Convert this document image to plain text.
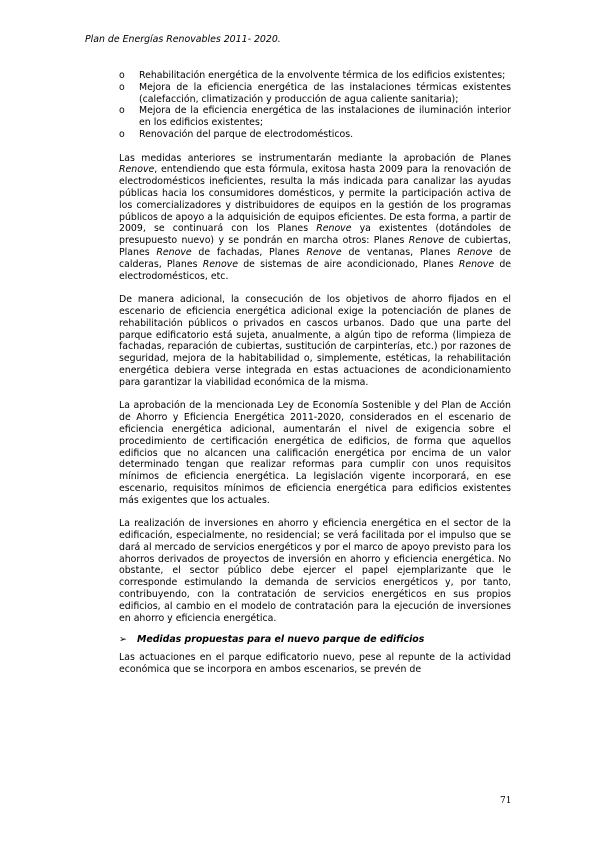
Plan de Energías Renovables 2011- 2020.
o Rehabilitación energética de la envolvente térmica de los edificios existentes;
o Mejora de la eficiencia energética de las instalaciones térmicas existentes (calefacción, climatización y producción de agua caliente sanitaria);
o Mejora de la eficiencia energética de las instalaciones de iluminación interior en los edificios existentes;
o Renovación del parque de electrodomésticos.

Las medidas anteriores se instrumentarán mediante la aprobación de Planes Renove, entendiendo que esta fórmula, exitosa hasta 2009 para la renovación de electrodomésticos ineficientes, resulta la más indicada para canalizar las ayudas públicas hacia los consumidores domésticos, y permite la participación activa de los comercializadores y distribuidores de equipos en la gestión de los programas públicos de apoyo a la adquisición de equipos eficientes. De esta forma, a partir de 2009, se continuará con los Planes Renove ya existentes (dotándoles de presupuesto nuevo) y se pondrán en marcha otros: Planes Renove de cubiertas, Planes Renove de fachadas, Planes Renove de ventanas, Planes Renove de calderas, Planes Renove de sistemas de aire acondicionado, Planes Renove de electrodomésticos, etc.

De manera adicional, la consecución de los objetivos de ahorro fijados en el escenario de eficiencia energética adicional exige la potenciación de planes de rehabilitación públicos o privados en cascos urbanos. Dado que una parte del parque edificatorio está sujeta, anualmente, a algún tipo de reforma (limpieza de fachadas, reparación de cubiertas, sustitución de carpinterías, etc.) por razones de seguridad, mejora de la habitabilidad o, simplemente, estéticas, la rehabilitación energética debiera verse integrada en estas actuaciones de acondicionamiento para garantizar la viabilidad económica de la misma.

La aprobación de la mencionada Ley de Economía Sostenible y del Plan de Acción de Ahorro y Eficiencia Energética 2011-2020, considerados en el escenario de eficiencia energética adicional, aumentarán el nivel de exigencia sobre el procedimiento de certificación energética de edificios, de forma que aquellos edificios que no alcancen una calificación energética por encima de un valor determinado tengan que realizar reformas para cumplir con unos requisitos mínimos de eficiencia energética. La legislación vigente incorporará, en ese escenario, requisitos mínimos de eficiencia energética para edificios existentes más exigentes que los actuales.

La realización de inversiones en ahorro y eficiencia energética en el sector de la edificación, especialmente, no residencial; se verá facilitada por el impulso que se dará al mercado de servicios energéticos y por el marco de apoyo previsto para los ahorros derivados de proyectos de inversión en ahorro y eficiencia energética. No obstante, el sector público debe ejercer el papel ejemplarizante que le corresponde estimulando la demanda de servicios energéticos y, por tanto, contribuyendo, con la contratación de servicios energéticos en sus propios edificios, al cambio en el modelo de contratación para la ejecución de inversiones en ahorro y eficiencia energética.

➢ Medidas propuestas para el nuevo parque de edificios

Las actuaciones en el parque edificatorio nuevo, pese al repunte de la actividad económica que se incorpora en ambos escenarios, se prevén de

71
